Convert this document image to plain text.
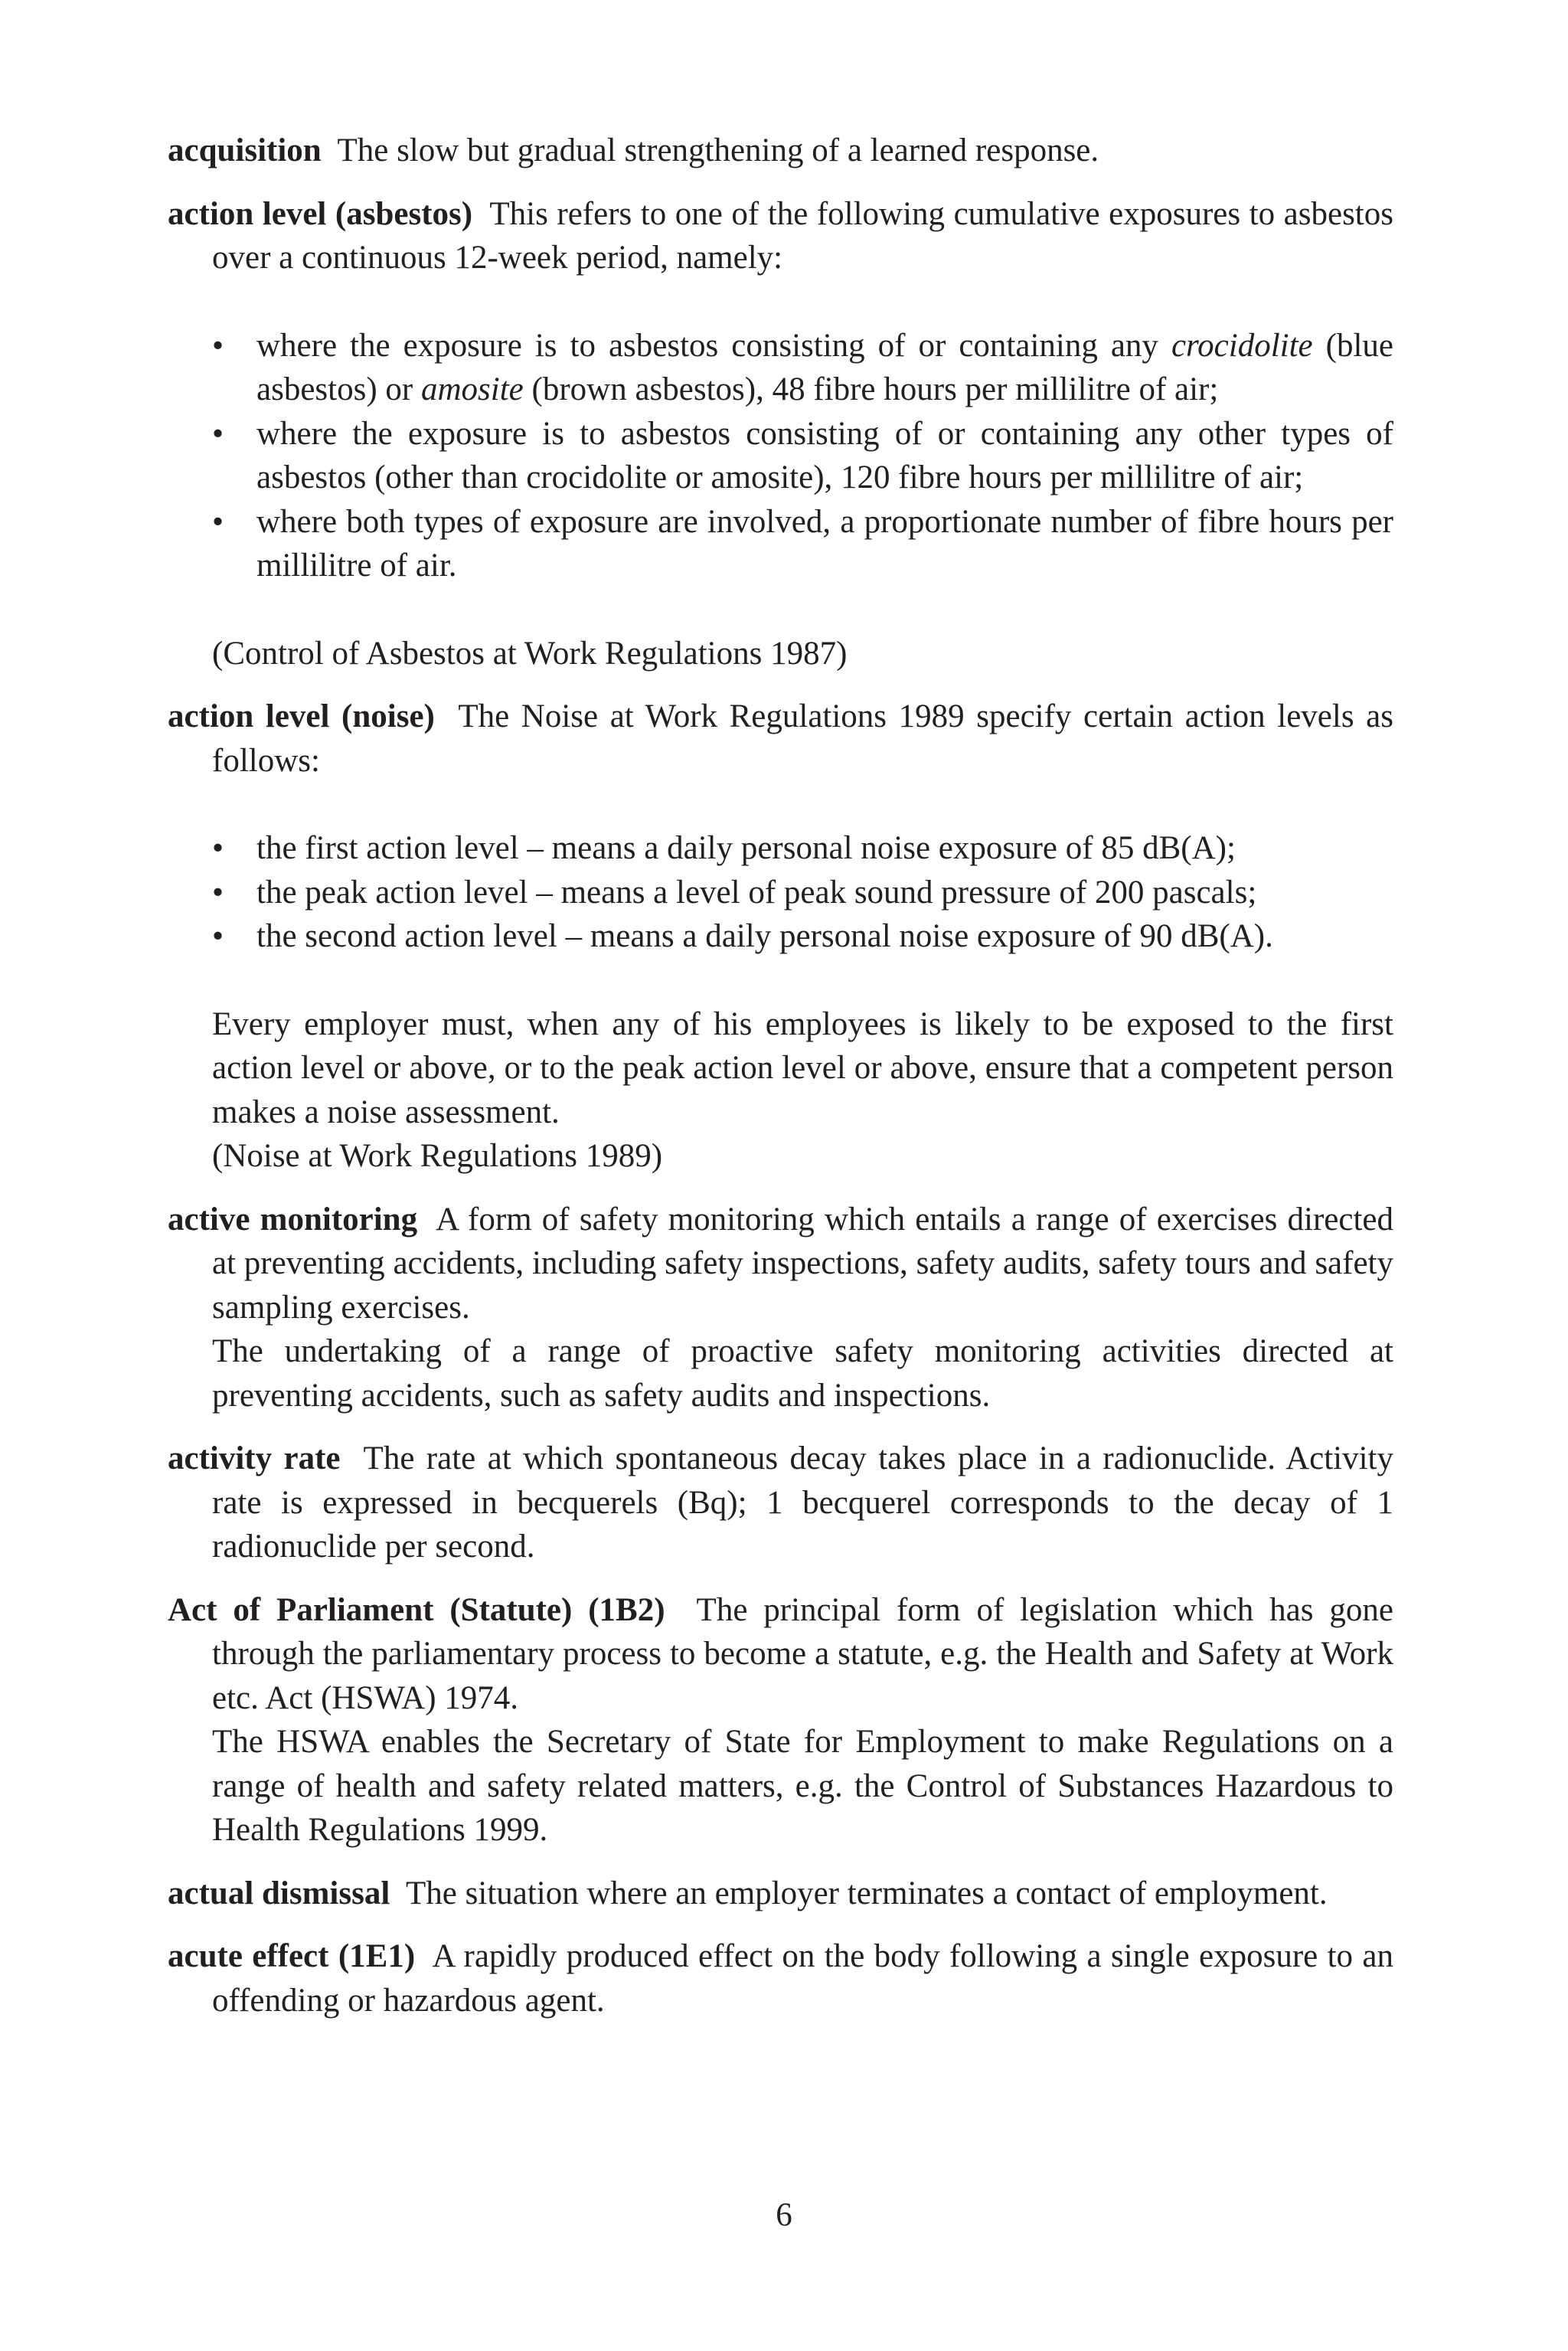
acquisition The slow but gradual strengthening of a learned response.

action level (asbestos) This refers to one of the following cumulative exposures to asbestos over a continuous 12-week period, namely:

• where the exposure is to asbestos consisting of or containing any crocidolite (blue asbestos) or amosite (brown asbestos), 48 fibre hours per millilitre of air;
• where the exposure is to asbestos consisting of or containing any other types of asbestos (other than crocidolite or amosite), 120 fibre hours per millilitre of air;
• where both types of exposure are involved, a proportionate number of fibre hours per millilitre of air.

(Control of Asbestos at Work Regulations 1987)

action level (noise) The Noise at Work Regulations 1989 specify certain action levels as follows:

• the first action level – means a daily personal noise exposure of 85 dB(A);
• the peak action level – means a level of peak sound pressure of 200 pascals;
• the second action level – means a daily personal noise exposure of 90 dB(A).

Every employer must, when any of his employees is likely to be exposed to the first action level or above, or to the peak action level or above, ensure that a competent person makes a noise assessment.

(Noise at Work Regulations 1989)

active monitoring A form of safety monitoring which entails a range of exercises directed at preventing accidents, including safety inspections, safety audits, safety tours and safety sampling exercises.

The undertaking of a range of proactive safety monitoring activities directed at preventing accidents, such as safety audits and inspections.

activity rate The rate at which spontaneous decay takes place in a radionuclide. Activity rate is expressed in becquerels (Bq); 1 becquerel corresponds to the decay of 1 radionuclide per second.

Act of Parliament (Statute) (1B2) The principal form of legislation which has gone through the parliamentary process to become a statute, e.g. the Health and Safety at Work etc. Act (HSWA) 1974.

The HSWA enables the Secretary of State for Employment to make Regulations on a range of health and safety related matters, e.g. the Control of Substances Hazardous to Health Regulations 1999.

actual dismissal The situation where an employer terminates a contact of employment.

acute effect (1E1) A rapidly produced effect on the body following a single exposure to an offending or hazardous agent.

6
